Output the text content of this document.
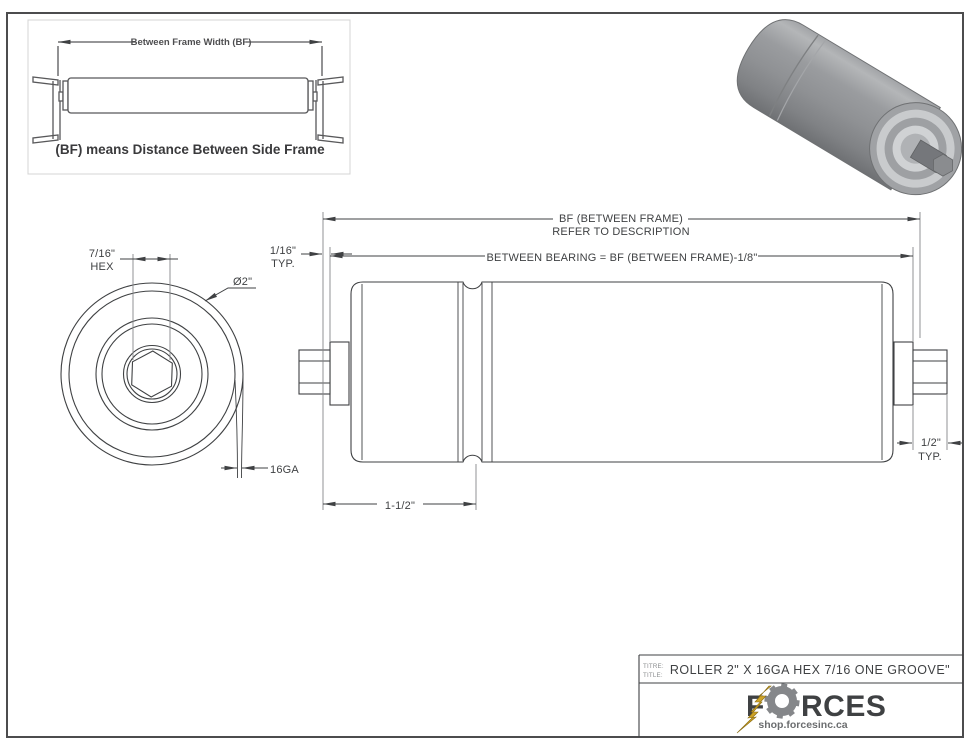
Between Frame Width (BF)
(BF) means Distance Between Side Frame
7/16"
HEX
Ø2"
16GA
BF (BETWEEN FRAME)
REFER TO DESCRIPTION
BETWEEN BEARING = BF (BETWEEN FRAME)-1/8"
1/16"
TYP.
1/2"
TYP.
1-1/2"
TITRE:
TITLE: ROLLER 2" X 16GA HEX 7/16 ONE GROOVE"
F RCES
shop.forcesinc.ca
